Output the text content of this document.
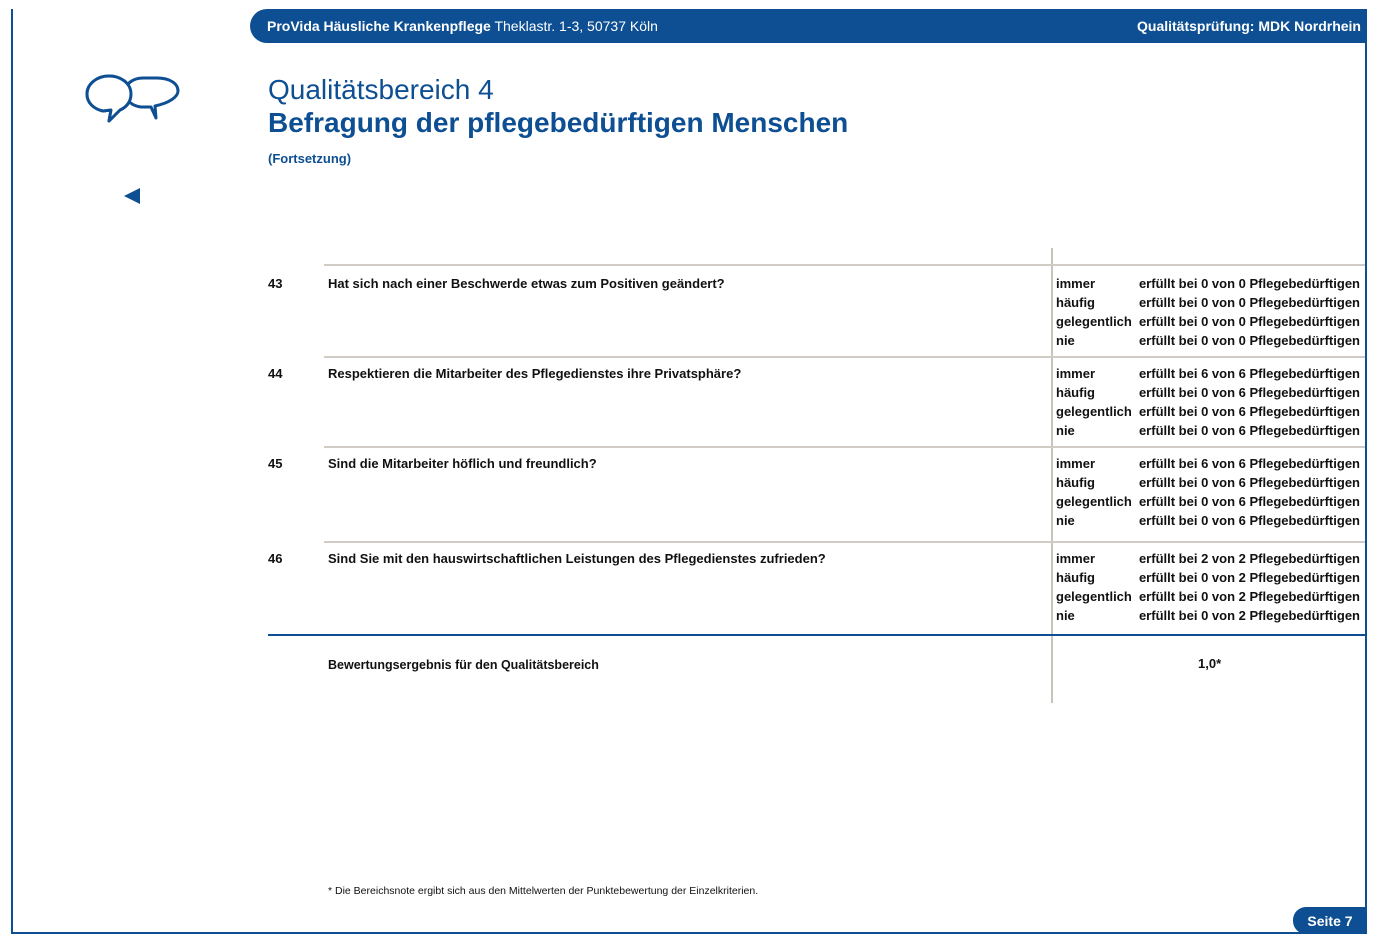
ProVida Häusliche Krankenpflege Theklastr. 1-3, 50737 Köln	Qualitätsprüfung: MDK Nordrhein
Qualitätsbereich 4
Befragung der pflegebedürftigen Menschen
(Fortsetzung)
43	Hat sich nach einer Beschwerde etwas zum Positiven geändert?	immer	erfüllt bei 0 von 0 Pflegebedürftigen
häufig	erfüllt bei 0 von 0 Pflegebedürftigen
gelegentlich erfüllt bei 0 von 0 Pflegebedürftigen
nie	erfüllt bei 0 von 0 Pflegebedürftigen
44	Respektieren die Mitarbeiter des Pflegedienstes ihre Privatsphäre?	immer	erfüllt bei 6 von 6 Pflegebedürftigen
häufig	erfüllt bei 0 von 6 Pflegebedürftigen
gelegentlich erfüllt bei 0 von 6 Pflegebedürftigen
nie	erfüllt bei 0 von 6 Pflegebedürftigen
45	Sind die Mitarbeiter höflich und freundlich?	immer	erfüllt bei 6 von 6 Pflegebedürftigen
häufig	erfüllt bei 0 von 6 Pflegebedürftigen
gelegentlich erfüllt bei 0 von 6 Pflegebedürftigen
nie	erfüllt bei 0 von 6 Pflegebedürftigen
46	Sind Sie mit den hauswirtschaftlichen Leistungen des Pflegedienstes zufrieden?	immer	erfüllt bei 2 von 2 Pflegebedürftigen
häufig	erfüllt bei 0 von 2 Pflegebedürftigen
gelegentlich erfüllt bei 0 von 2 Pflegebedürftigen
nie	erfüllt bei 0 von 2 Pflegebedürftigen
Bewertungsergebnis für den Qualitätsbereich	1,0*
* Die Bereichsnote ergibt sich aus den Mittelwerten der Punktebewertung der Einzelkriterien.
Seite 7
